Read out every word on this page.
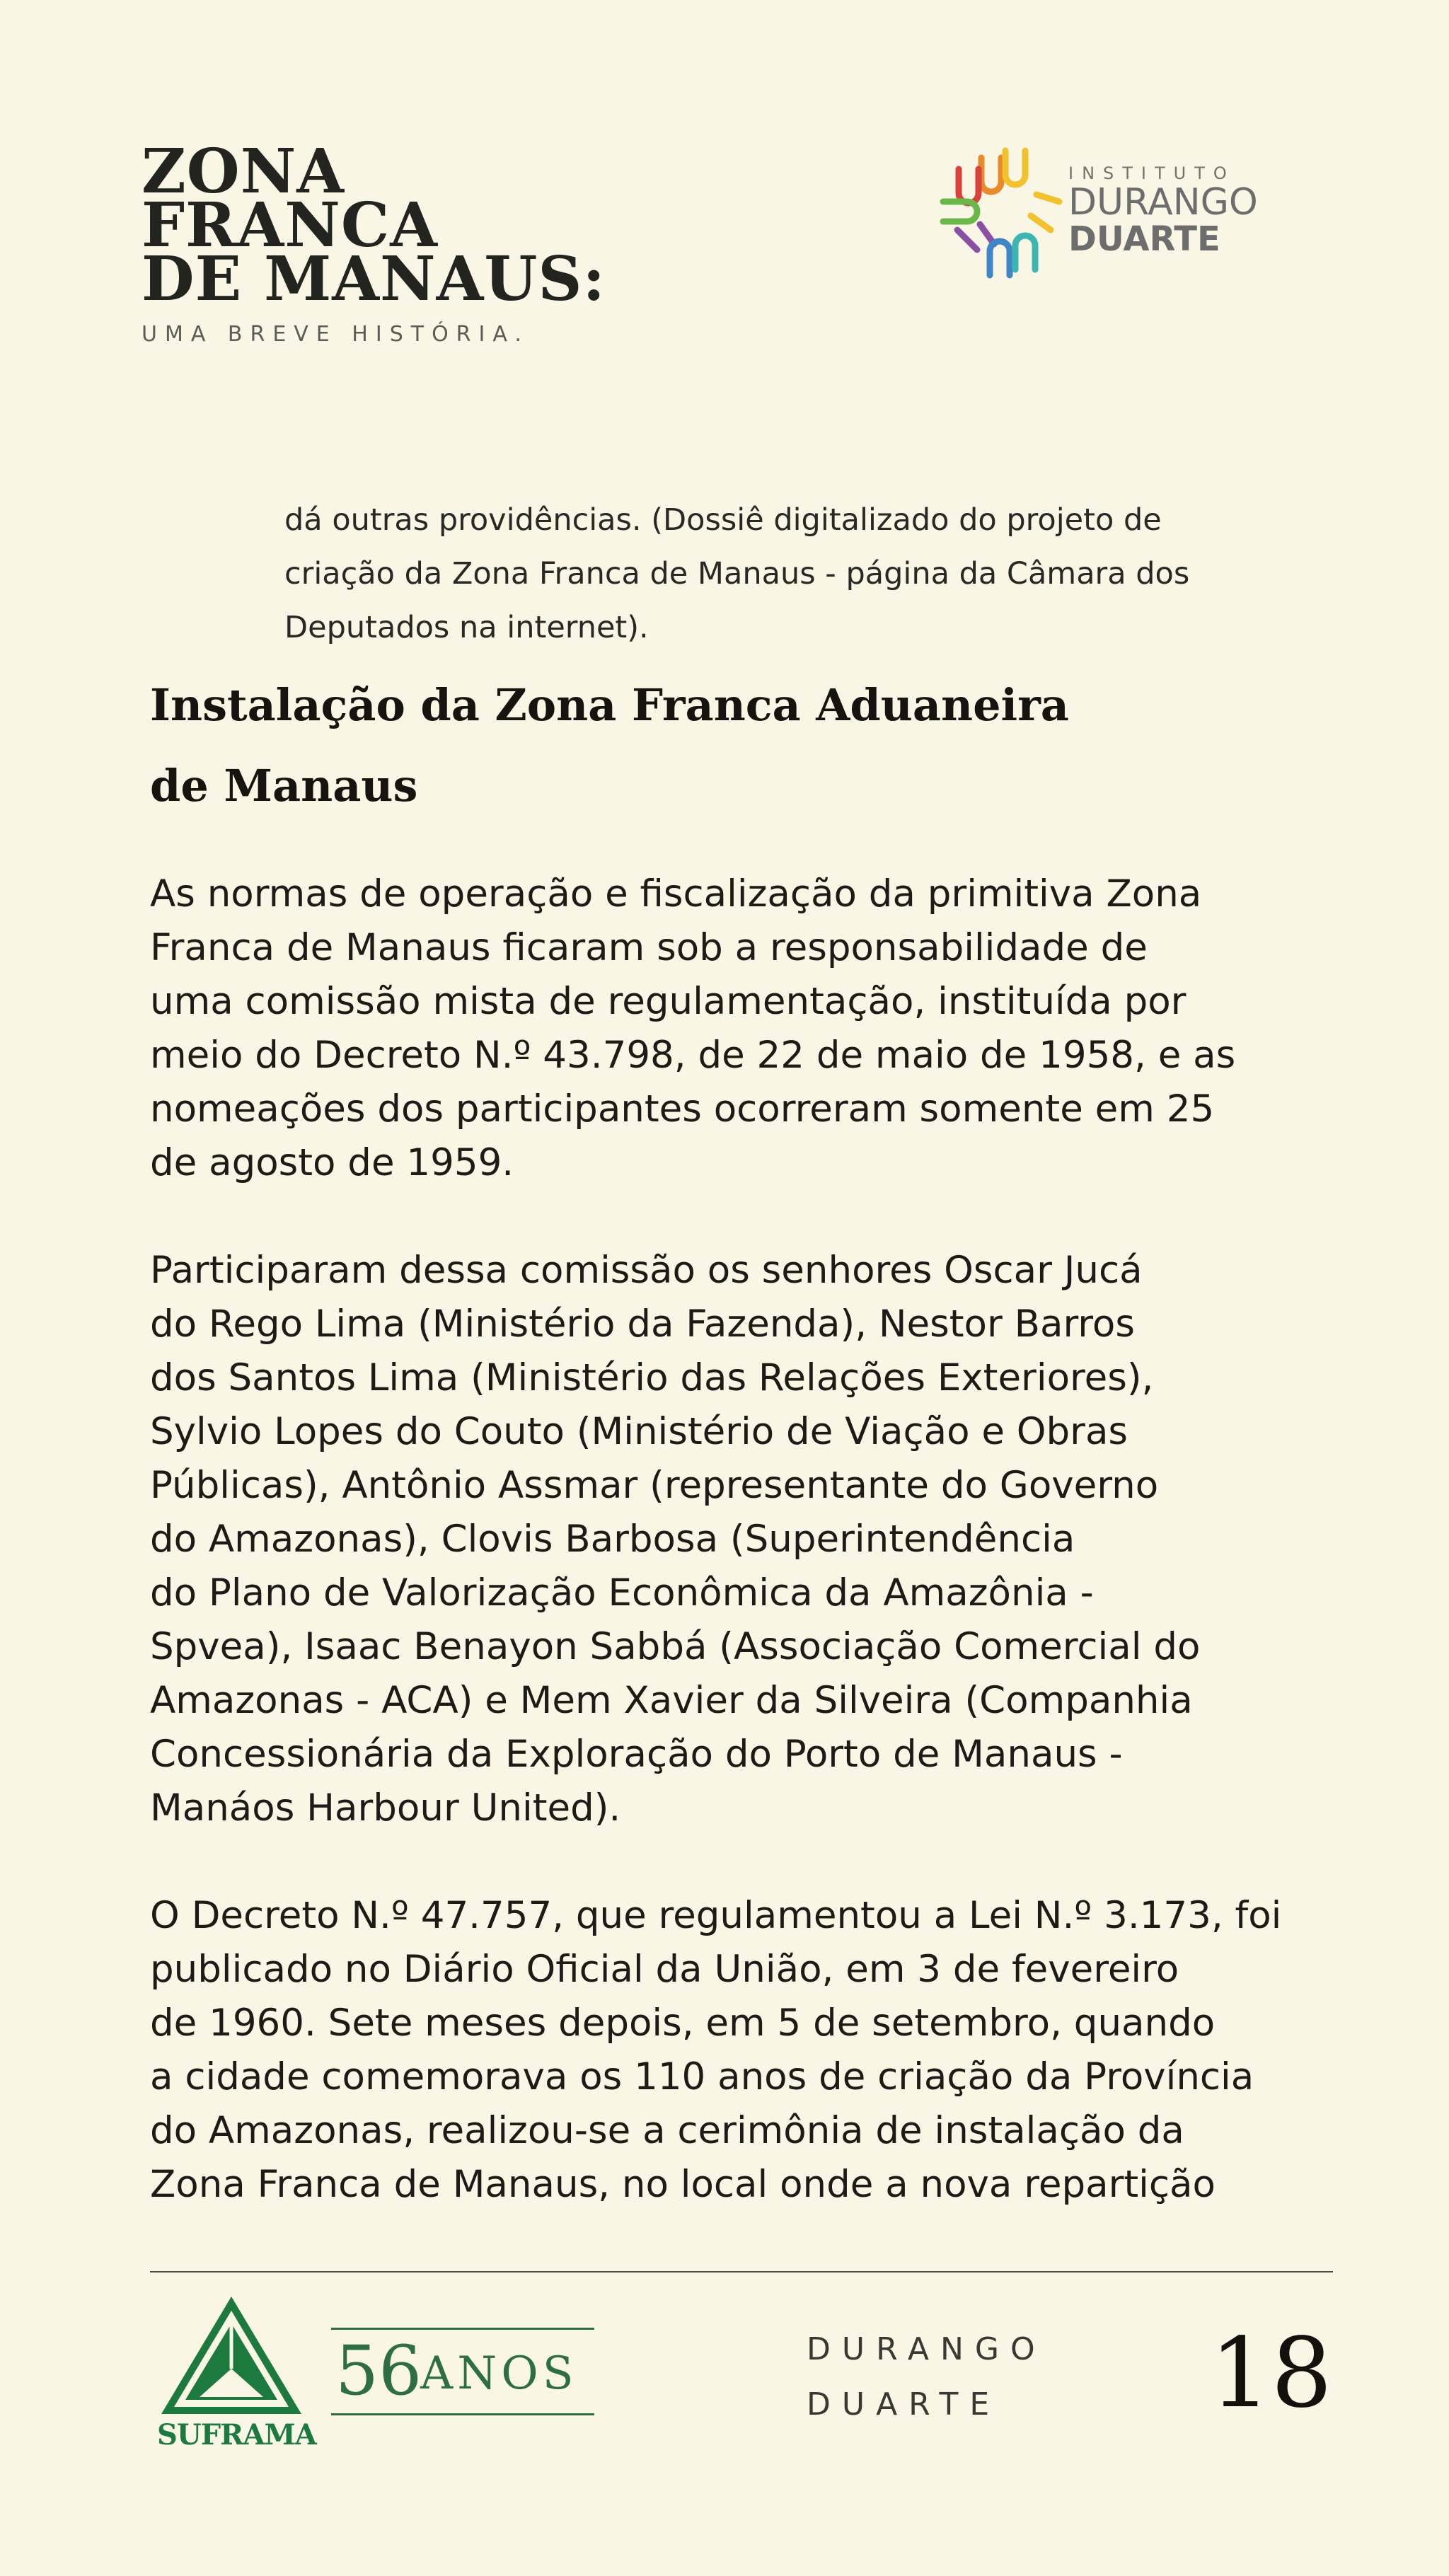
ZONA
FRANCA
DE MANAUS:
UMA BREVE HISTÓRIA.
INSTITUTO
DURANGO
DUARTE
dá outras providências. (Dossiê digitalizado do projeto de
criação da Zona Franca de Manaus - página da Câmara dos
Deputados na internet).
Instalação da Zona Franca Aduaneira
de Manaus
As normas de operação e fiscalização da primitiva Zona
Franca de Manaus ficaram sob a responsabilidade de
uma comissão mista de regulamentação, instituída por
meio do Decreto N.º 43.798, de 22 de maio de 1958, e as
nomeações dos participantes ocorreram somente em 25
de agosto de 1959.
Participaram dessa comissão os senhores Oscar Jucá
do Rego Lima (Ministério da Fazenda), Nestor Barros
dos Santos Lima (Ministério das Relações Exteriores),
Sylvio Lopes do Couto (Ministério de Viação e Obras
Públicas), Antônio Assmar (representante do Governo
do Amazonas), Clovis Barbosa (Superintendência
do Plano de Valorização Econômica da Amazônia -
Spvea), Isaac Benayon Sabbá (Associação Comercial do
Amazonas - ACA) e Mem Xavier da Silveira (Companhia
Concessionária da Exploração do Porto de Manaus -
Manáos Harbour United).
O Decreto N.º 47.757, que regulamentou a Lei N.º 3.173, foi
publicado no Diário Oficial da União, em 3 de fevereiro
de 1960. Sete meses depois, em 5 de setembro, quando
a cidade comemorava os 110 anos de criação da Província
do Amazonas, realizou-se a cerimônia de instalação da
Zona Franca de Manaus, no local onde a nova repartição
SUFRAMA
56
ANOS	DURANGO
DUARTE	18
